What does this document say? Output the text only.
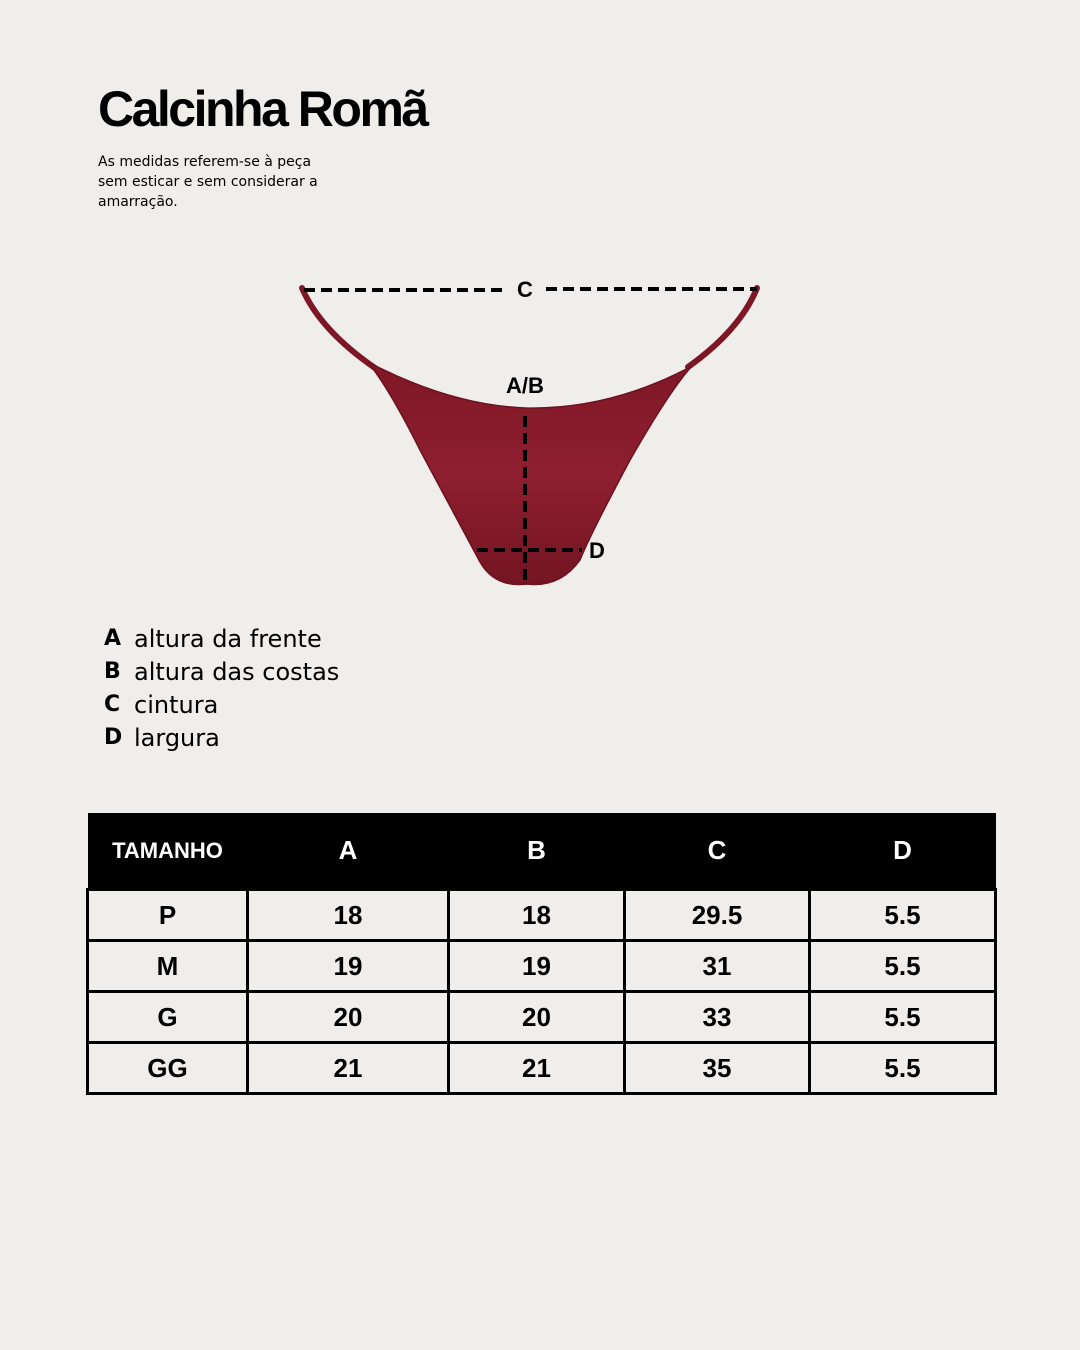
Calcinha Romã

As medidas referem-se à peça sem esticar e sem considerar a amarração.

C
A/B
D
A altura da frente
B altura das costas
C cintura
D largura
TAMANHO	A	B	C	D
P	18	18	29.5	5.5
M	19	19	31	5.5
G	20	20	33	5.5
GG	21	21	35	5.5
